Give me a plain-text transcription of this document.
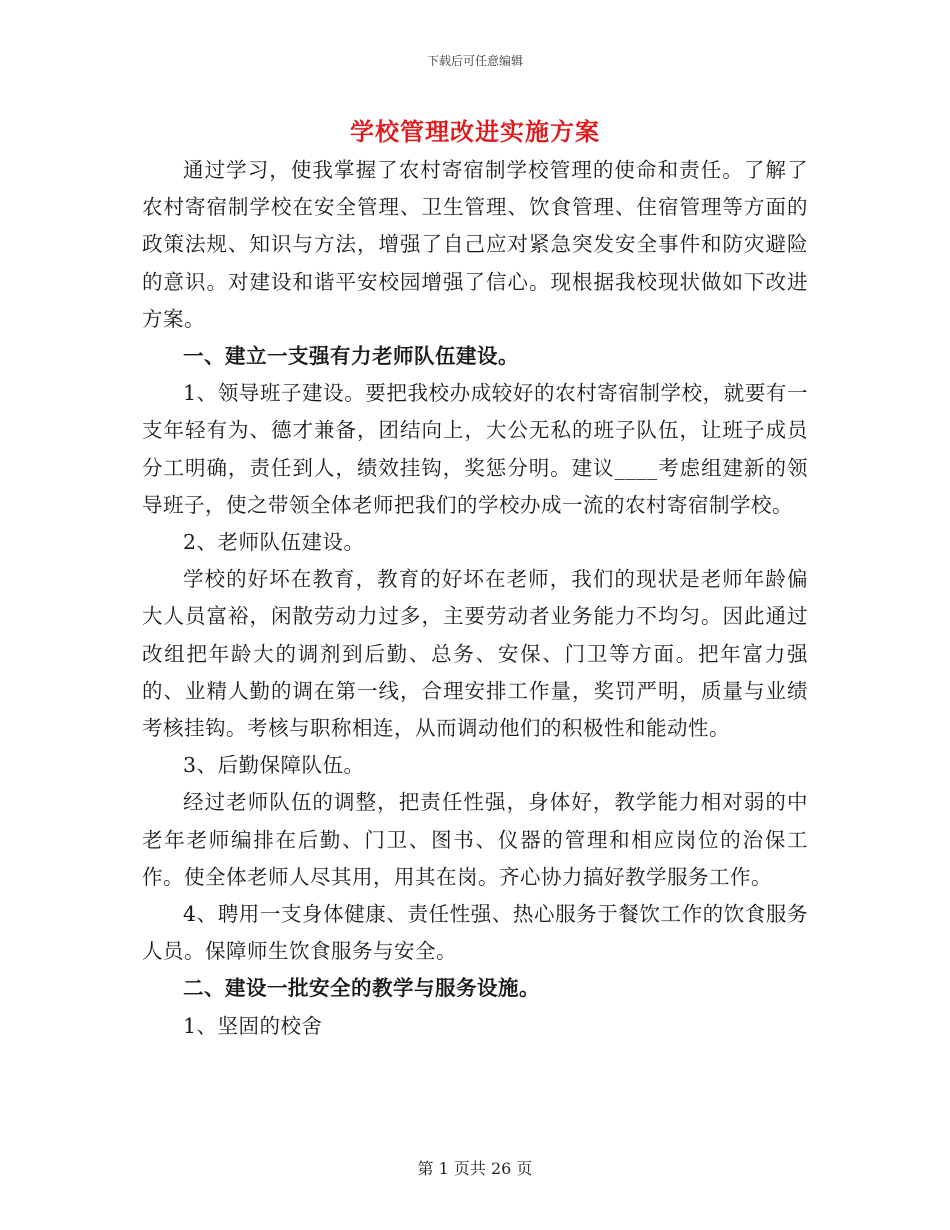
下载后可任意编辑
学校管理改进实施方案

通过学习，使我掌握了农村寄宿制学校管理的使命和责任。了解了农村寄宿制学校在安全管理、卫生管理、饮食管理、住宿管理等方面的政策法规、知识与方法，增强了自己应对紧急突发安全事件和防灾避险的意识。对建设和谐平安校园增强了信心。现根据我校现状做如下改进方案。

一、建立一支强有力老师队伍建设。

1、领导班子建设。要把我校办成较好的农村寄宿制学校，就要有一支年轻有为、德才兼备，团结向上，大公无私的班子队伍，让班子成员分工明确，责任到人，绩效挂钩，奖惩分明。建议____考虑组建新的领导班子，使之带领全体老师把我们的学校办成一流的农村寄宿制学校。

2、老师队伍建设。

学校的好坏在教育，教育的好坏在老师，我们的现状是老师年龄偏大人员富裕，闲散劳动力过多，主要劳动者业务能力不均匀。因此通过改组把年龄大的调剂到后勤、总务、安保、门卫等方面。把年富力强的、业精人勤的调在第一线，合理安排工作量，奖罚严明，质量与业绩考核挂钩。考核与职称相连，从而调动他们的积极性和能动性。

3、后勤保障队伍。

经过老师队伍的调整，把责任性强，身体好，教学能力相对弱的中老年老师编排在后勤、门卫、图书、仪器的管理和相应岗位的治保工作。使全体老师人尽其用，用其在岗。齐心协力搞好教学服务工作。

4、聘用一支身体健康、责任性强、热心服务于餐饮工作的饮食服务人员。保障师生饮食服务与安全。

二、建设一批安全的教学与服务设施。

1、坚固的校舍

第 1 页共 26 页
